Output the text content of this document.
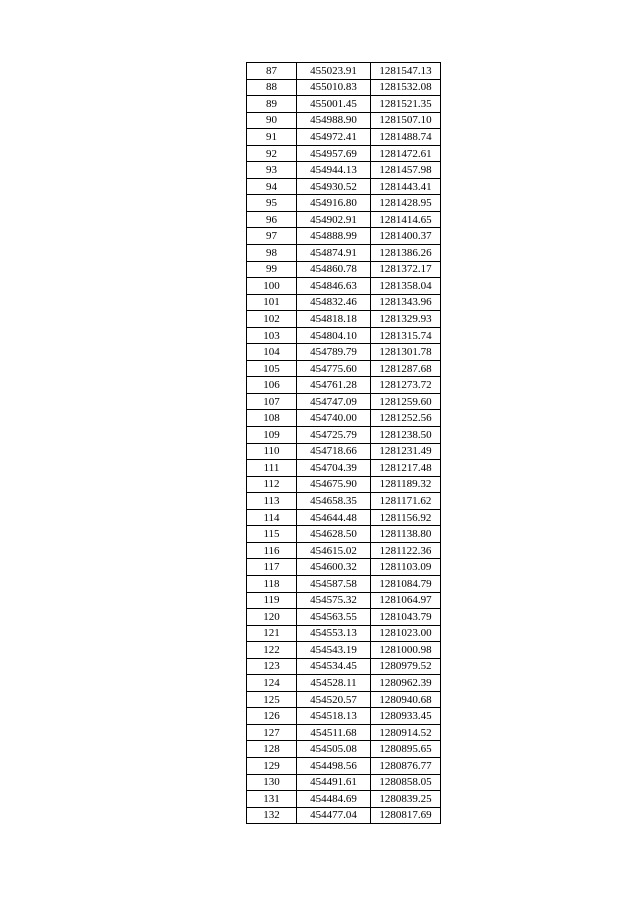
87	455023.91	1281547.13
88	455010.83	1281532.08
89	455001.45	1281521.35
90	454988.90	1281507.10
91	454972.41	1281488.74
92	454957.69	1281472.61
93	454944.13	1281457.98
94	454930.52	1281443.41
95	454916.80	1281428.95
96	454902.91	1281414.65
97	454888.99	1281400.37
98	454874.91	1281386.26
99	454860.78	1281372.17
100	454846.63	1281358.04
101	454832.46	1281343.96
102	454818.18	1281329.93
103	454804.10	1281315.74
104	454789.79	1281301.78
105	454775.60	1281287.68
106	454761.28	1281273.72
107	454747.09	1281259.60
108	454740.00	1281252.56
109	454725.79	1281238.50
110	454718.66	1281231.49
111	454704.39	1281217.48
112	454675.90	1281189.32
113	454658.35	1281171.62
114	454644.48	1281156.92
115	454628.50	1281138.80
116	454615.02	1281122.36
117	454600.32	1281103.09
118	454587.58	1281084.79
119	454575.32	1281064.97
120	454563.55	1281043.79
121	454553.13	1281023.00
122	454543.19	1281000.98
123	454534.45	1280979.52
124	454528.11	1280962.39
125	454520.57	1280940.68
126	454518.13	1280933.45
127	454511.68	1280914.52
128	454505.08	1280895.65
129	454498.56	1280876.77
130	454491.61	1280858.05
131	454484.69	1280839.25
132	454477.04	1280817.69
